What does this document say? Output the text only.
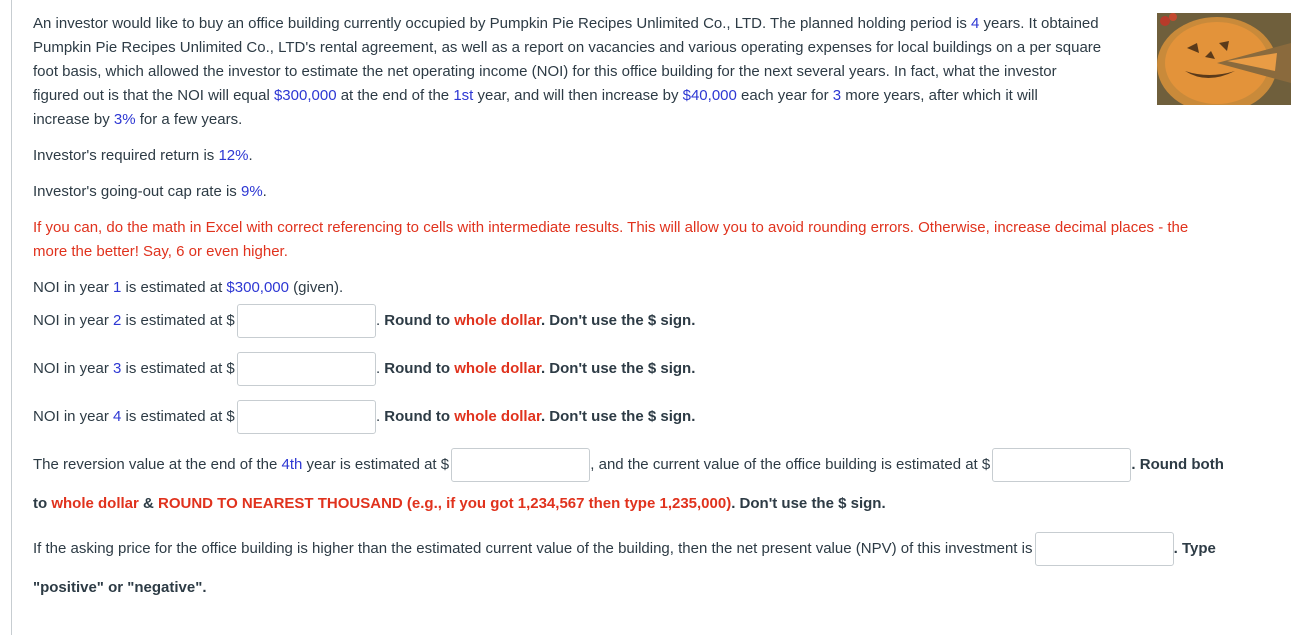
An investor would like to buy an office building currently occupied by Pumpkin Pie Recipes Unlimited Co., LTD. The planned holding period is 4 years. It obtained
Pumpkin Pie Recipes Unlimited Co., LTD's rental agreement, as well as a report on vacancies and various operating expenses for local buildings on a per square
foot basis, which allowed the investor to estimate the net operating income (NOI) for this office building for the next several years. In fact, what the investor
figured out is that the NOI will equal $300,000 at the end of the 1st year, and will then increase by $40,000 each year for 3 more years, after which it will
increase by 3% for a few years.
Investor's required return is 12%.
Investor's going-out cap rate is 9%.
If you can, do the math in Excel with correct referencing to cells with intermediate results. This will allow you to avoid rounding errors. Otherwise, increase decimal places - the
more the better! Say, 6 or even higher.
NOI in year 1 is estimated at $300,000 (given).
NOI in year 2 is estimated at $	. Round to whole dollar. Don't use the $ sign.
NOI in year 3 is estimated at $	. Round to whole dollar. Don't use the $ sign.
NOI in year 4 is estimated at $	. Round to whole dollar. Don't use the $ sign.
The reversion value at the end of the 4th year is estimated at $	, and the current value of the office building is estimated at $	. Round both
to whole dollar & ROUND TO NEAREST THOUSAND (e.g., if you got 1,234,567 then type 1,235,000). Don't use the $ sign.
If the asking price for the office building is higher than the estimated current value of the building, then the net present value (NPV) of this investment is	. Type
"positive" or "negative".
